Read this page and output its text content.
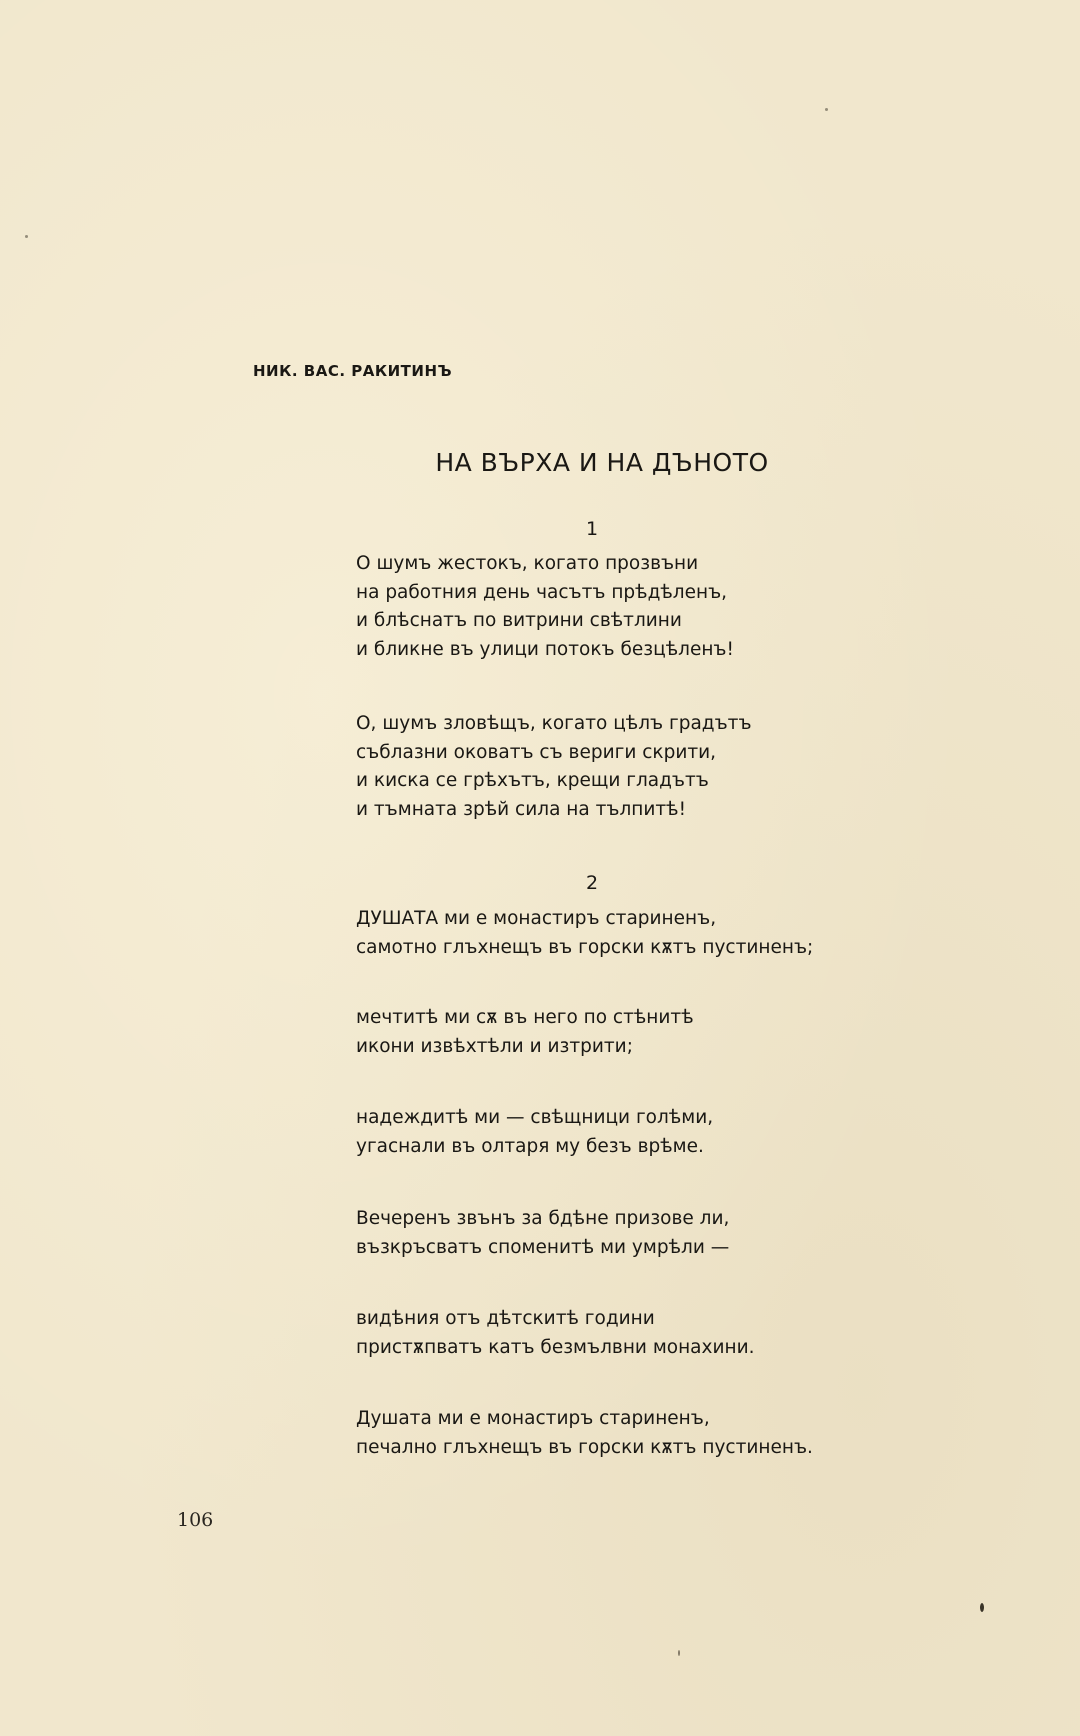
НИК. ВАС. РАКИТИНЪ
НА ВЪРХА И НА ДЪНОТО
1
О шумъ жестокъ, когато прозвъни
на работния день часътъ прѣдѣленъ,
и блѣснатъ по витрини свѣтлини
и бликне въ улици потокъ безцѣленъ!
О, шумъ зловѣщъ, когато цѣлъ градътъ
съблазни оковатъ съ вериги скрити,
и киска се грѣхътъ, крещи гладътъ
и тъмната зрѣй сила на тълпитѣ!
2
ДУШАТА ми е монастиръ стариненъ,
самотно глъхнещъ въ горски кѫтъ пустиненъ;
мечтитѣ ми сѫ въ него по стѣнитѣ
икони извѣхтѣли и изтрити;
надеждитѣ ми — свѣщници голѣми,
угаснали въ олтаря му безъ врѣме.
Вечеренъ звънъ за бдѣне призове ли,
възкръсватъ споменитѣ ми умрѣли —
видѣния отъ дѣтскитѣ години
пристѫпватъ катъ безмълвни монахини.
Душата ми е монастиръ стариненъ,
печално глъхнещъ въ горски кѫтъ пустиненъ.
106
